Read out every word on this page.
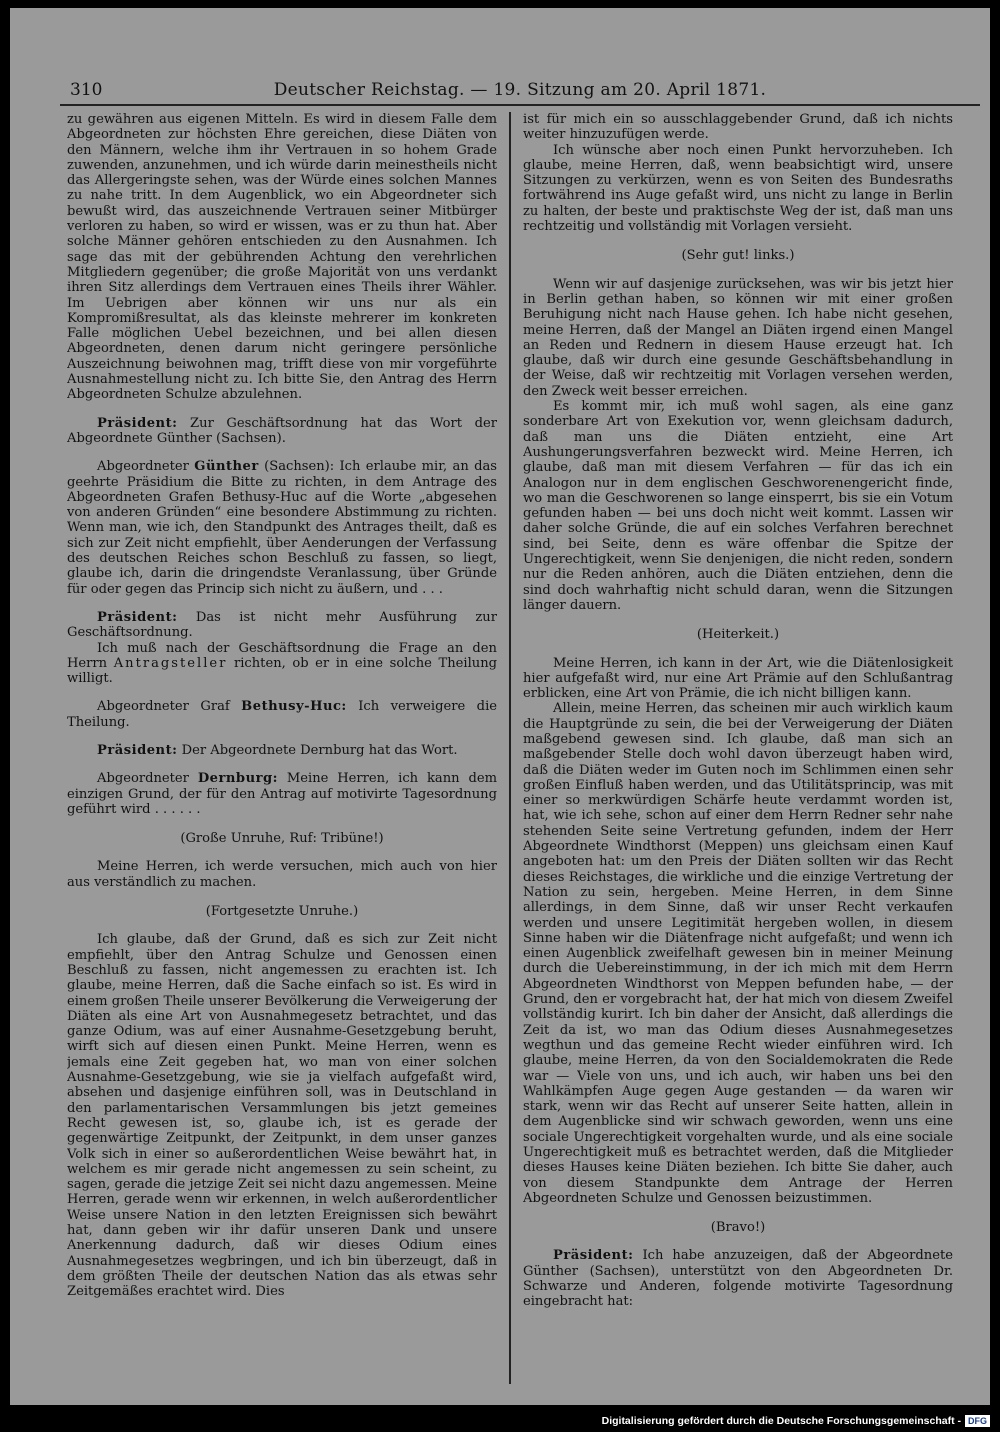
310	Deutscher Reichstag. — 19. Sitzung am 20. April 1871.

zu gewähren aus eigenen Mitteln. Es wird in diesem Falle dem Abgeordneten zur höchsten Ehre gereichen, diese Diäten von den Männern, welche ihm ihr Vertrauen in so hohem Grade zuwenden, anzunehmen, und ich würde darin meinestheils nicht das Allergeringste sehen, was der Würde eines solchen Mannes zu nahe tritt. In dem Augenblick, wo ein Abgeordneter sich bewußt wird, das auszeichnende Vertrauen seiner Mitbürger verloren zu haben, so wird er wissen, was er zu thun hat. Aber solche Männer gehören entschieden zu den Ausnahmen. Ich sage das mit der gebührenden Achtung den verehrlichen Mitgliedern gegenüber; die große Majorität von uns verdankt ihren Sitz allerdings dem Vertrauen eines Theils ihrer Wähler. Im Uebrigen aber können wir uns nur als ein Kompromißresultat, als das kleinste mehrerer im konkreten Falle möglichen Uebel bezeichnen, und bei allen diesen Abgeordneten, denen darum nicht geringere persönliche Auszeichnung beiwohnen mag, trifft diese von mir vorgeführte Ausnahmestellung nicht zu. Ich bitte Sie, den Antrag des Herrn Abgeordneten Schulze abzulehnen.

Präsident: Zur Geschäftsordnung hat das Wort der Abgeordnete Günther (Sachsen).

Abgeordneter Günther (Sachsen): Ich erlaube mir, an das geehrte Präsidium die Bitte zu richten, in dem Antrage des Abgeordneten Grafen Bethusy-Huc auf die Worte „abgesehen von anderen Gründen“ eine besondere Abstimmung zu richten. Wenn man, wie ich, den Standpunkt des Antrages theilt, daß es sich zur Zeit nicht empfiehlt, über Aenderungen der Verfassung des deutschen Reiches schon Beschluß zu fassen, so liegt, glaube ich, darin die dringendste Veranlassung, über Gründe für oder gegen das Princip sich nicht zu äußern, und . . .

Präsident: Das ist nicht mehr Ausführung zur Geschäftsordnung.

Ich muß nach der Geschäftsordnung die Frage an den Herrn Antragsteller richten, ob er in eine solche Theilung willigt.

Abgeordneter Graf Bethusy-Huc: Ich verweigere die Theilung.

Präsident: Der Abgeordnete Dernburg hat das Wort.

Abgeordneter Dernburg: Meine Herren, ich kann dem einzigen Grund, der für den Antrag auf motivirte Tagesordnung geführt wird . . . . . .

(Große Unruhe, Ruf: Tribüne!)

Meine Herren, ich werde versuchen, mich auch von hier aus verständlich zu machen.

(Fortgesetzte Unruhe.)

Ich glaube, daß der Grund, daß es sich zur Zeit nicht empfiehlt, über den Antrag Schulze und Genossen einen Beschluß zu fassen, nicht angemessen zu erachten ist. Ich glaube, meine Herren, daß die Sache einfach so ist. Es wird in einem großen Theile unserer Bevölkerung die Verweigerung der Diäten als eine Art von Ausnahmegesetz betrachtet, und das ganze Odium, was auf einer Ausnahme-Gesetzgebung beruht, wirft sich auf diesen einen Punkt. Meine Herren, wenn es jemals eine Zeit gegeben hat, wo man von einer solchen Ausnahme-Gesetzgebung, wie sie ja vielfach aufgefaßt wird, absehen und dasjenige einführen soll, was in Deutschland in den parlamentarischen Versammlungen bis jetzt gemeines Recht gewesen ist, so, glaube ich, ist es gerade der gegenwärtige Zeitpunkt, der Zeitpunkt, in dem unser ganzes Volk sich in einer so außerordentlichen Weise bewährt hat, in welchem es mir gerade nicht angemessen zu sein scheint, zu sagen, gerade die jetzige Zeit sei nicht dazu angemessen. Meine Herren, gerade wenn wir erkennen, in welch außerordentlicher Weise unsere Nation in den letzten Ereignissen sich bewährt hat, dann geben wir ihr dafür unseren Dank und unsere Anerkennung dadurch, daß wir dieses Odium eines Ausnahmegesetzes wegbringen, und ich bin überzeugt, daß in dem größten Theile der deutschen Nation das als etwas sehr Zeitgemäßes erachtet wird. Dies

ist für mich ein so ausschlaggebender Grund, daß ich nichts weiter hinzuzufügen werde.

Ich wünsche aber noch einen Punkt hervorzuheben. Ich glaube, meine Herren, daß, wenn beabsichtigt wird, unsere Sitzungen zu verkürzen, wenn es von Seiten des Bundesraths fortwährend ins Auge gefaßt wird, uns nicht zu lange in Berlin zu halten, der beste und praktischste Weg der ist, daß man uns rechtzeitig und vollständig mit Vorlagen versieht.

(Sehr gut! links.)

Wenn wir auf dasjenige zurücksehen, was wir bis jetzt hier in Berlin gethan haben, so können wir mit einer großen Beruhigung nicht nach Hause gehen. Ich habe nicht gesehen, meine Herren, daß der Mangel an Diäten irgend einen Mangel an Reden und Rednern in diesem Hause erzeugt hat. Ich glaube, daß wir durch eine gesunde Geschäftsbehandlung in der Weise, daß wir rechtzeitig mit Vorlagen versehen werden, den Zweck weit besser erreichen.

Es kommt mir, ich muß wohl sagen, als eine ganz sonderbare Art von Exekution vor, wenn gleichsam dadurch, daß man uns die Diäten entzieht, eine Art Aushungerungsverfahren bezweckt wird. Meine Herren, ich glaube, daß man mit diesem Verfahren — für das ich ein Analogon nur in dem englischen Geschworenengericht finde, wo man die Geschworenen so lange einsperrt, bis sie ein Votum gefunden haben — bei uns doch nicht weit kommt. Lassen wir daher solche Gründe, die auf ein solches Verfahren berechnet sind, bei Seite, denn es wäre offenbar die Spitze der Ungerechtigkeit, wenn Sie denjenigen, die nicht reden, sondern nur die Reden anhören, auch die Diäten entziehen, denn die sind doch wahrhaftig nicht schuld daran, wenn die Sitzungen länger dauern.

(Heiterkeit.)

Meine Herren, ich kann in der Art, wie die Diätenlosigkeit hier aufgefaßt wird, nur eine Art Prämie auf den Schlußantrag erblicken, eine Art von Prämie, die ich nicht billigen kann.

Allein, meine Herren, das scheinen mir auch wirklich kaum die Hauptgründe zu sein, die bei der Verweigerung der Diäten maßgebend gewesen sind. Ich glaube, daß man sich an maßgebender Stelle doch wohl davon überzeugt haben wird, daß die Diäten weder im Guten noch im Schlimmen einen sehr großen Einfluß haben werden, und das Utilitätsprincip, was mit einer so merkwürdigen Schärfe heute verdammt worden ist, hat, wie ich sehe, schon auf einer dem Herrn Redner sehr nahe stehenden Seite seine Vertretung gefunden, indem der Herr Abgeordnete Windthorst (Meppen) uns gleichsam einen Kauf angeboten hat: um den Preis der Diäten sollten wir das Recht dieses Reichstages, die wirkliche und die einzige Vertretung der Nation zu sein, hergeben. Meine Herren, in dem Sinne allerdings, in dem Sinne, daß wir unser Recht verkaufen werden und unsere Legitimität hergeben wollen, in diesem Sinne haben wir die Diätenfrage nicht aufgefaßt; und wenn ich einen Augenblick zweifelhaft gewesen bin in meiner Meinung durch die Uebereinstimmung, in der ich mich mit dem Herrn Abgeordneten Windthorst von Meppen befunden habe, — der Grund, den er vorgebracht hat, der hat mich von diesem Zweifel vollständig kurirt. Ich bin daher der Ansicht, daß allerdings die Zeit da ist, wo man das Odium dieses Ausnahmegesetzes wegthun und das gemeine Recht wieder einführen wird. Ich glaube, meine Herren, da von den Socialdemokraten die Rede war — Viele von uns, und ich auch, wir haben uns bei den Wahlkämpfen Auge gegen Auge gestanden — da waren wir stark, wenn wir das Recht auf unserer Seite hatten, allein in dem Augenblicke sind wir schwach geworden, wenn uns eine sociale Ungerechtigkeit vorgehalten wurde, und als eine sociale Ungerechtigkeit muß es betrachtet werden, daß die Mitglieder dieses Hauses keine Diäten beziehen. Ich bitte Sie daher, auch von diesem Standpunkte dem Antrage der Herren Abgeordneten Schulze und Genossen beizustimmen.

(Bravo!)

Präsident: Ich habe anzuzeigen, daß der Abgeordnete Günther (Sachsen), unterstützt von den Abgeordneten Dr. Schwarze und Anderen, folgende motivirte Tagesordnung eingebracht hat:

Digitalisierung gefördert durch die Deutsche Forschungsgemeinschaft - DFG
